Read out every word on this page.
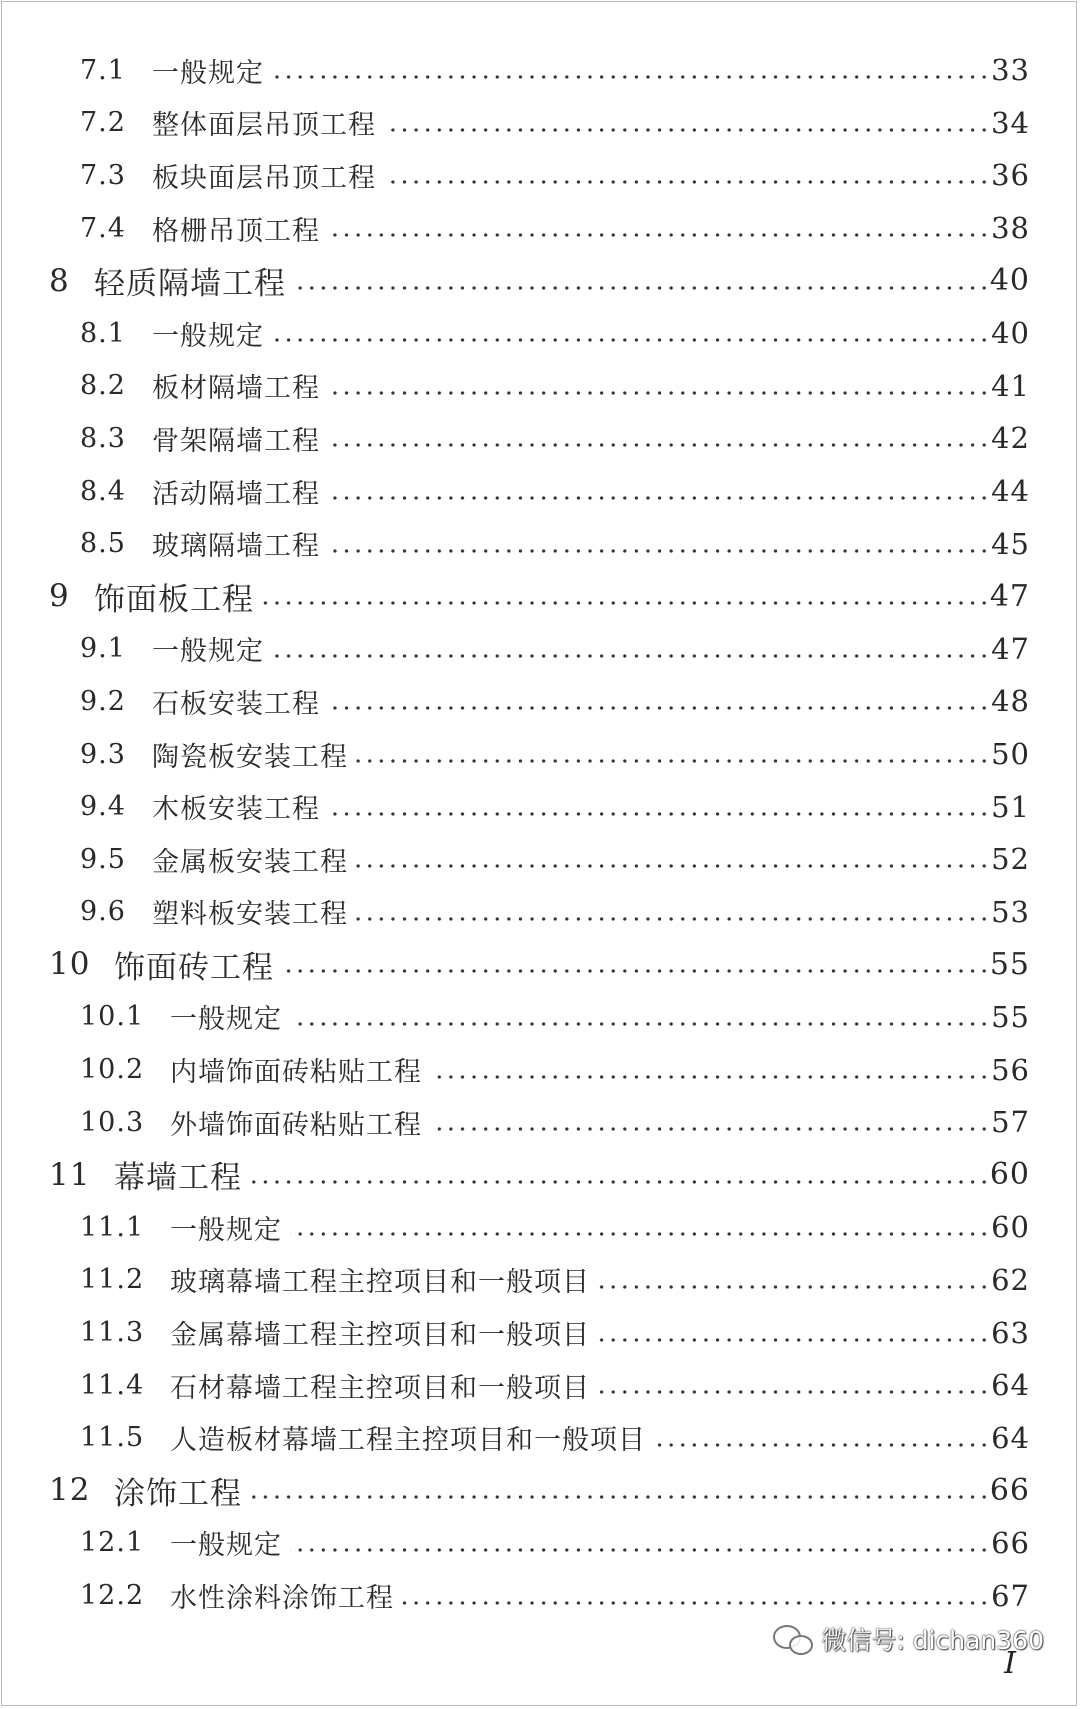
7.1 一般规定	33
7.2 整体面层吊顶工程	34
7.3 板块面层吊顶工程	36
7.4 格栅吊顶工程	38
8 轻质隔墙工程	40
8.1 一般规定	40
8.2 板材隔墙工程	41
8.3 骨架隔墙工程	42
8.4 活动隔墙工程	44
8.5 玻璃隔墙工程	45
9 饰面板工程	47
9.1 一般规定	47
9.2 石板安装工程	48
9.3 陶瓷板安装工程	50
9.4 木板安装工程	51
9.5 金属板安装工程	52
9.6 塑料板安装工程	53
10 饰面砖工程	55
10.1 一般规定	55
10.2 内墙饰面砖粘贴工程	56
10.3 外墙饰面砖粘贴工程	57
11 幕墙工程	60
11.1 一般规定	60
11.2 玻璃幕墙工程主控项目和一般项目	62
11.3 金属幕墙工程主控项目和一般项目	63
11.4 石材幕墙工程主控项目和一般项目	64
11.5 人造板材幕墙工程主控项目和一般项目	64
12 涂饰工程	66
12.1 一般规定	66
12.2 水性涂料涂饰工程	67
微信号: dichan360
I
